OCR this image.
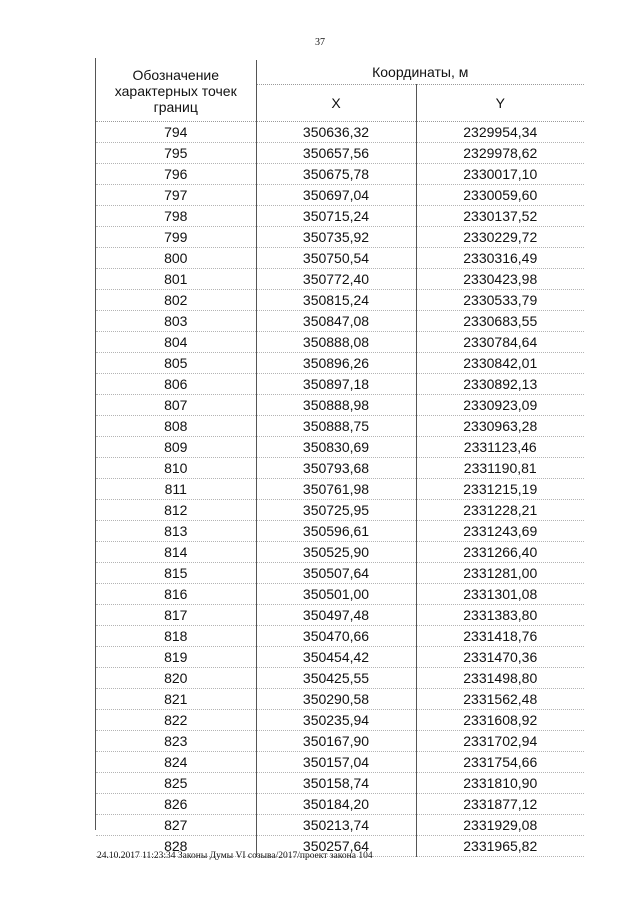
37
Обозначение
характерных точек
границ	Координаты, м	
	X	Y
794	350636,32	2329954,34
795	350657,56	2329978,62
796	350675,78	2330017,10
797	350697,04	2330059,60
798	350715,24	2330137,52
799	350735,92	2330229,72
800	350750,54	2330316,49
801	350772,40	2330423,98
802	350815,24	2330533,79
803	350847,08	2330683,55
804	350888,08	2330784,64
805	350896,26	2330842,01
806	350897,18	2330892,13
807	350888,98	2330923,09
808	350888,75	2330963,28
809	350830,69	2331123,46
810	350793,68	2331190,81
811	350761,98	2331215,19
812	350725,95	2331228,21
813	350596,61	2331243,69
814	350525,90	2331266,40
815	350507,64	2331281,00
816	350501,00	2331301,08
817	350497,48	2331383,80
818	350470,66	2331418,76
819	350454,42	2331470,36
820	350425,55	2331498,80
821	350290,58	2331562,48
822	350235,94	2331608,92
823	350167,90	2331702,94
824	350157,04	2331754,66
825	350158,74	2331810,90
826	350184,20	2331877,12
827	350213,74	2331929,08
828	350257,64	2331965,82
24.10.2017 11:23:34 Законы Думы VI созыва/2017/проект закона 104
